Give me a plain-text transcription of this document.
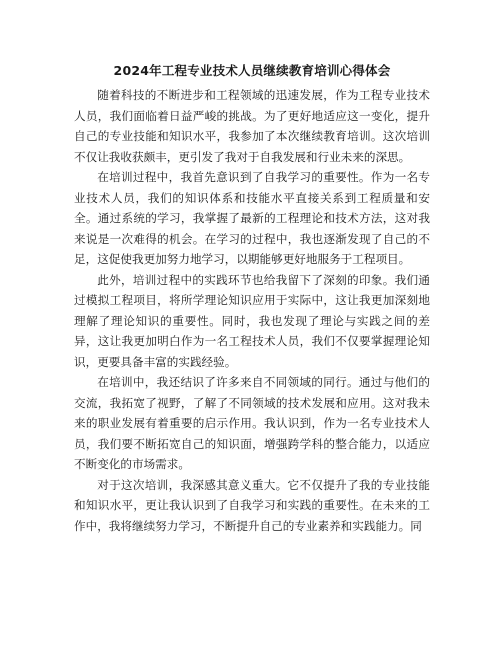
2024年工程专业技术人员继续教育培训心得体会

随着科技的不断进步和工程领域的迅速发展，作为工程专业技术人员，我们面临着日益严峻的挑战。为了更好地适应这一变化，提升自己的专业技能和知识水平，我参加了本次继续教育培训。这次培训不仅让我收获颇丰，更引发了我对于自我发展和行业未来的深思。

在培训过程中，我首先意识到了自我学习的重要性。作为一名专业技术人员，我们的知识体系和技能水平直接关系到工程质量和安全。通过系统的学习，我掌握了最新的工程理论和技术方法，这对我来说是一次难得的机会。在学习的过程中，我也逐渐发现了自己的不足，这促使我更加努力地学习，以期能够更好地服务于工程项目。

此外，培训过程中的实践环节也给我留下了深刻的印象。我们通过模拟工程项目，将所学理论知识应用于实际中，这让我更加深刻地理解了理论知识的重要性。同时，我也发现了理论与实践之间的差异，这让我更加明白作为一名工程技术人员，我们不仅要掌握理论知识，更要具备丰富的实践经验。

在培训中，我还结识了许多来自不同领域的同行。通过与他们的交流，我拓宽了视野，了解了不同领域的技术发展和应用。这对我未来的职业发展有着重要的启示作用。我认识到，作为一名专业技术人员，我们要不断拓宽自己的知识面，增强跨学科的整合能力，以适应不断变化的市场需求。

对于这次培训，我深感其意义重大。它不仅提升了我的专业技能和知识水平，更让我认识到了自我学习和实践的重要性。在未来的工作中，我将继续努力学习，不断提升自己的专业素养和实践能力。同
